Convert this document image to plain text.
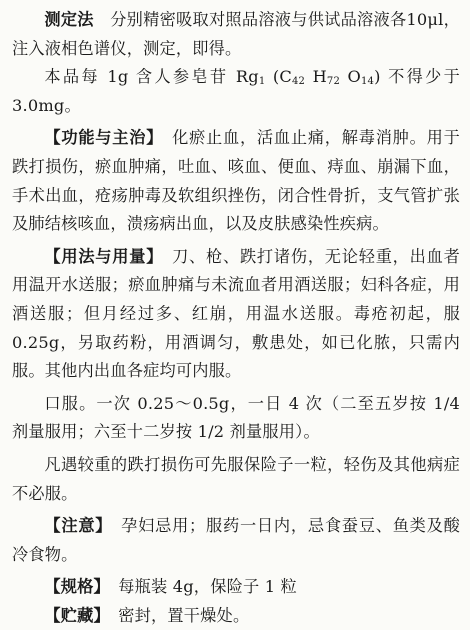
测定法　分别精密吸取对照品溶液与供试品溶液各10μl，注入液相色谱仪，测定，即得。

本品每 1g 含人参皂苷 $Rg_1$ ($C_{42}$ $H_{72}$ $O_{14}$) 不得少于 3.0mg。

【功能与主治】　化瘀止血，活血止痛，解毒消肿。用于跌打损伤，瘀血肿痛，吐血、咳血、便血、痔血、崩漏下血，手术出血，疮疡肿毒及软组织挫伤，闭合性骨折，支气管扩张及肺结核咳血，溃疡病出血，以及皮肤感染性疾病。

【用法与用量】　刀、枪、跌打诸伤，无论轻重，出血者用温开水送服；瘀血肿痛与未流血者用酒送服；妇科各症，用酒送服；但月经过多、红崩，用温水送服。毒疮初起，服 0.25g，另取药粉，用酒调匀，敷患处，如已化脓，只需内服。其他内出血各症均可内服。

口服。一次 0.25～0.5g，一日 4 次（二至五岁按 1/4 剂量服用；六至十二岁按 1/2 剂量服用）。

凡遇较重的跌打损伤可先服保险子一粒，轻伤及其他病症不必服。

【注意】　孕妇忌用；服药一日内，忌食蚕豆、鱼类及酸冷食物。

【规格】　每瓶装 4g，保险子 1 粒

【贮藏】　密封，置干燥处。
